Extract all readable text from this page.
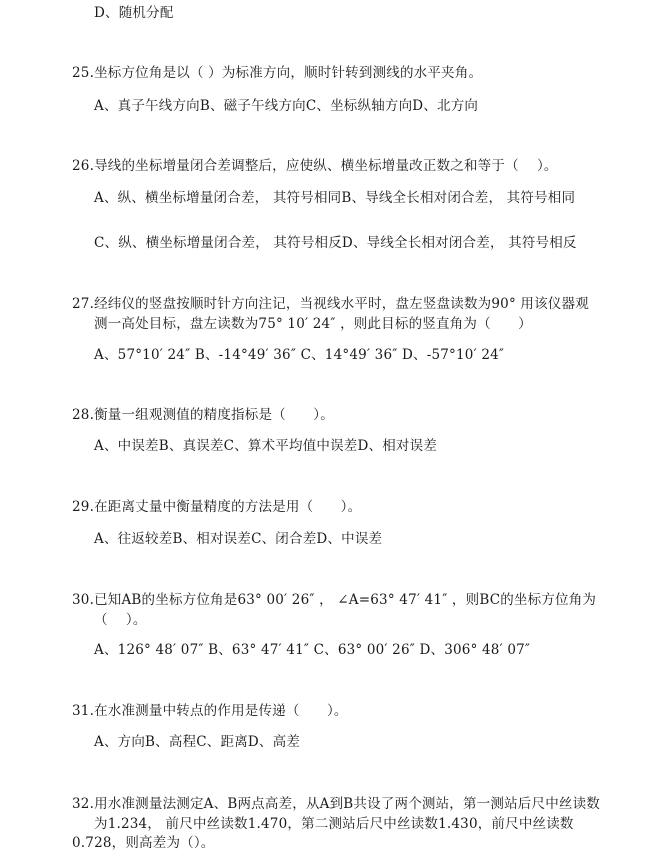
D、随机分配
25.坐标方位角是以（ ）为标准方向，顺时针转到测线的水平夹角。
A、真子午线方向B、磁子午线方向C、坐标纵轴方向D、北方向
26.导线的坐标增量闭合差调整后，应使纵、横坐标增量改正数之和等于（　 ）。
A、纵、横坐标增量闭合差， 其符号相同B、导线全长相对闭合差， 其符号相同
C、纵、横坐标增量闭合差， 其符号相反D、导线全长相对闭合差， 其符号相反
27.经纬仪的竖盘按顺时针方向注记，当视线水平时，盘左竖盘读数为90° 用该仪器观
测一高处目标，盘左读数为75° 10′ 24″ ，则此目标的竖直角为（　　）
A、57°10′ 24″ B、-14°49′ 36″ C、14°49′ 36″ D、-57°10′ 24″
28.衡量一组观测值的精度指标是（　　）。
A、中误差B、真误差C、算术平均值中误差D、相对误差
29.在距离丈量中衡量精度的方法是用（　　）。
A、往返较差B、相对误差C、闭合差D、中误差
30.已知AB的坐标方位角是63° 00′ 26″ ， ∠A=63° 47′ 41″ ，则BC的坐标方位角为
（　 ）。
A、126° 48′ 07″ B、63° 47′ 41″ C、63° 00′ 26″ D、306° 48′ 07″
31.在水准测量中转点的作用是传递（　　）。
A、方向B、高程C、距离D、高差
32.用水准测量法测定A、B两点高差，从A到B共设了两个测站，第一测站后尺中丝读数
为1.234， 前尺中丝读数1.470，第二测站后尺中丝读数1.430，前尺中丝读数
0.728，则高差为（）。
